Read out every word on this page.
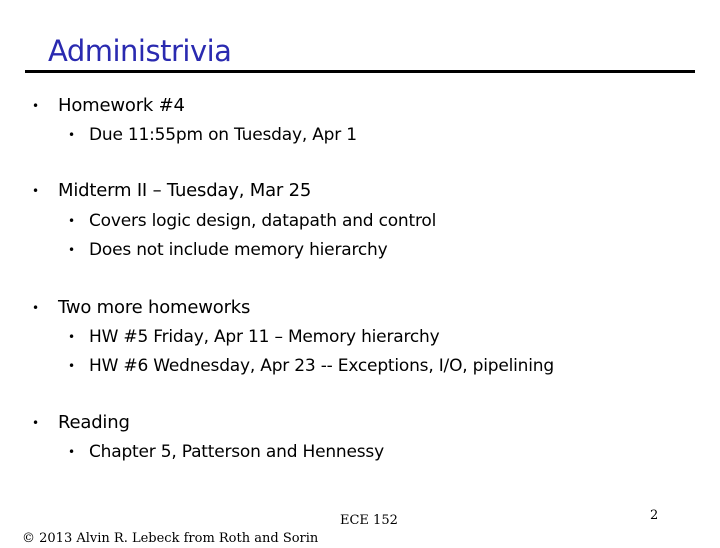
Administrivia
• Homework #4
• Due 11:55pm on Tuesday, Apr 1
• Midterm II – Tuesday, Mar 25
• Covers logic design, datapath and control
• Does not include memory hierarchy
• Two more homeworks
• HW #5 Friday, Apr 11 – Memory hierarchy
• HW #6 Wednesday, Apr 23 -- Exceptions, I/O, pipelining
• Reading
• Chapter 5, Patterson and Hennessy
ECE 152	2
© 2013 Alvin R. Lebeck from Roth and Sorin
